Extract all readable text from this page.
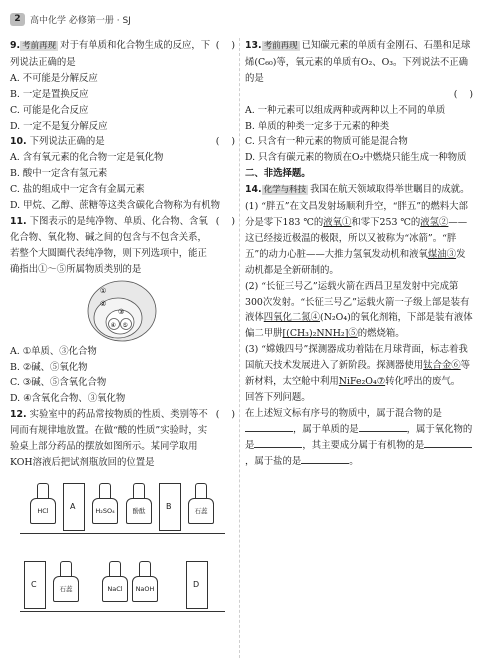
2	高中化学 必修第一册 · SJ
9. 考前再现 对于有单质和化合物生成的反应，下列说法正确的是
(    )
A. 不可能是分解反应
B. 一定是置换反应
C. 可能是化合反应
D. 一定不是复分解反应
10. 下列说法正确的是	(    )
A. 含有氧元素的化合物一定是氧化物
B. 酸中一定含有氢元素
C. 盐的组成中一定含有金属元素
D. 甲烷、乙醇、蔗糖等这类含碳化合物称为有机物
11. 下图表示的是纯净物、单质、化合物、含氧化合物、氧化物、碱之间的包含与不包含关系，若整个大圆圈代表纯净物，则下列选项中，能正确指出①～⑤所属物质类别的是
(    )
①
②
③
④ ⑤
A. ①单质、③化合物
B. ②碱、⑤氧化物
C. ③碱、⑤含氧化合物
D. ④含氧化合物、③氧化物
12. 实验室中的药品常按物质的性质、类别等不同而有规律地放置。在做“酸的性质”实验时，实验桌上部分药品的摆放如图所示。某同学取用KOH溶液后把试剂瓶放回的位置是
(    )
HCl	A	H₂SO₄	酚酞	B	石蕊
C	石蕊	NaCl	NaOH	D
13. 考前再现 已知碳元素的单质有金刚石、石墨和足球烯(C₆₀)等，氧元素的单质有O₂、O₃。下列说法不正确的是
(    )
A. 一种元素可以组成两种或两种以上不同的单质
B. 单质的种类一定多于元素的种类
C. 只含有一种元素的物质可能是混合物
D. 只含有碳元素的物质在O₂中燃烧只能生成一种物质
二、非选择题。
14. 化学与科技 我国在航天领域取得举世瞩目的成就。
(1) “胖五”在文昌发射场顺利升空，“胖五”的燃料大部分是零下183 ℃的液氧①和零下253 ℃的液氢②——这已经接近极温的极限，所以又被称为“冰箭”。“胖五”的动力心脏——大推力氢氧发动机和液氧煤油③发动机都是全新研制的。
(2) “长征三号乙”运载火箭在西昌卫星发射中完成第300次发射。“长征三号乙”运载火箭一子级上部是装有液体四氧化二氮④(N₂O₄)的氧化剂箱，下部是装有液体偏二甲肼[(CH₃)₂NNH₂]⑤的燃烧箱。
(3) “嫦娥四号”探测器成功着陆在月球背面，标志着我国航天技术发展进入了新阶段。探测器使用钛合金⑥等新材料，太空舱中利用NiFe₂O₄⑦转化呼出的废气。
回答下列问题。
在上述短文标有序号的物质中，属于混合物的是，属于单质的是	，属于氧化物的是	，其主要成分属于有机物的是，属于盐的是	。
